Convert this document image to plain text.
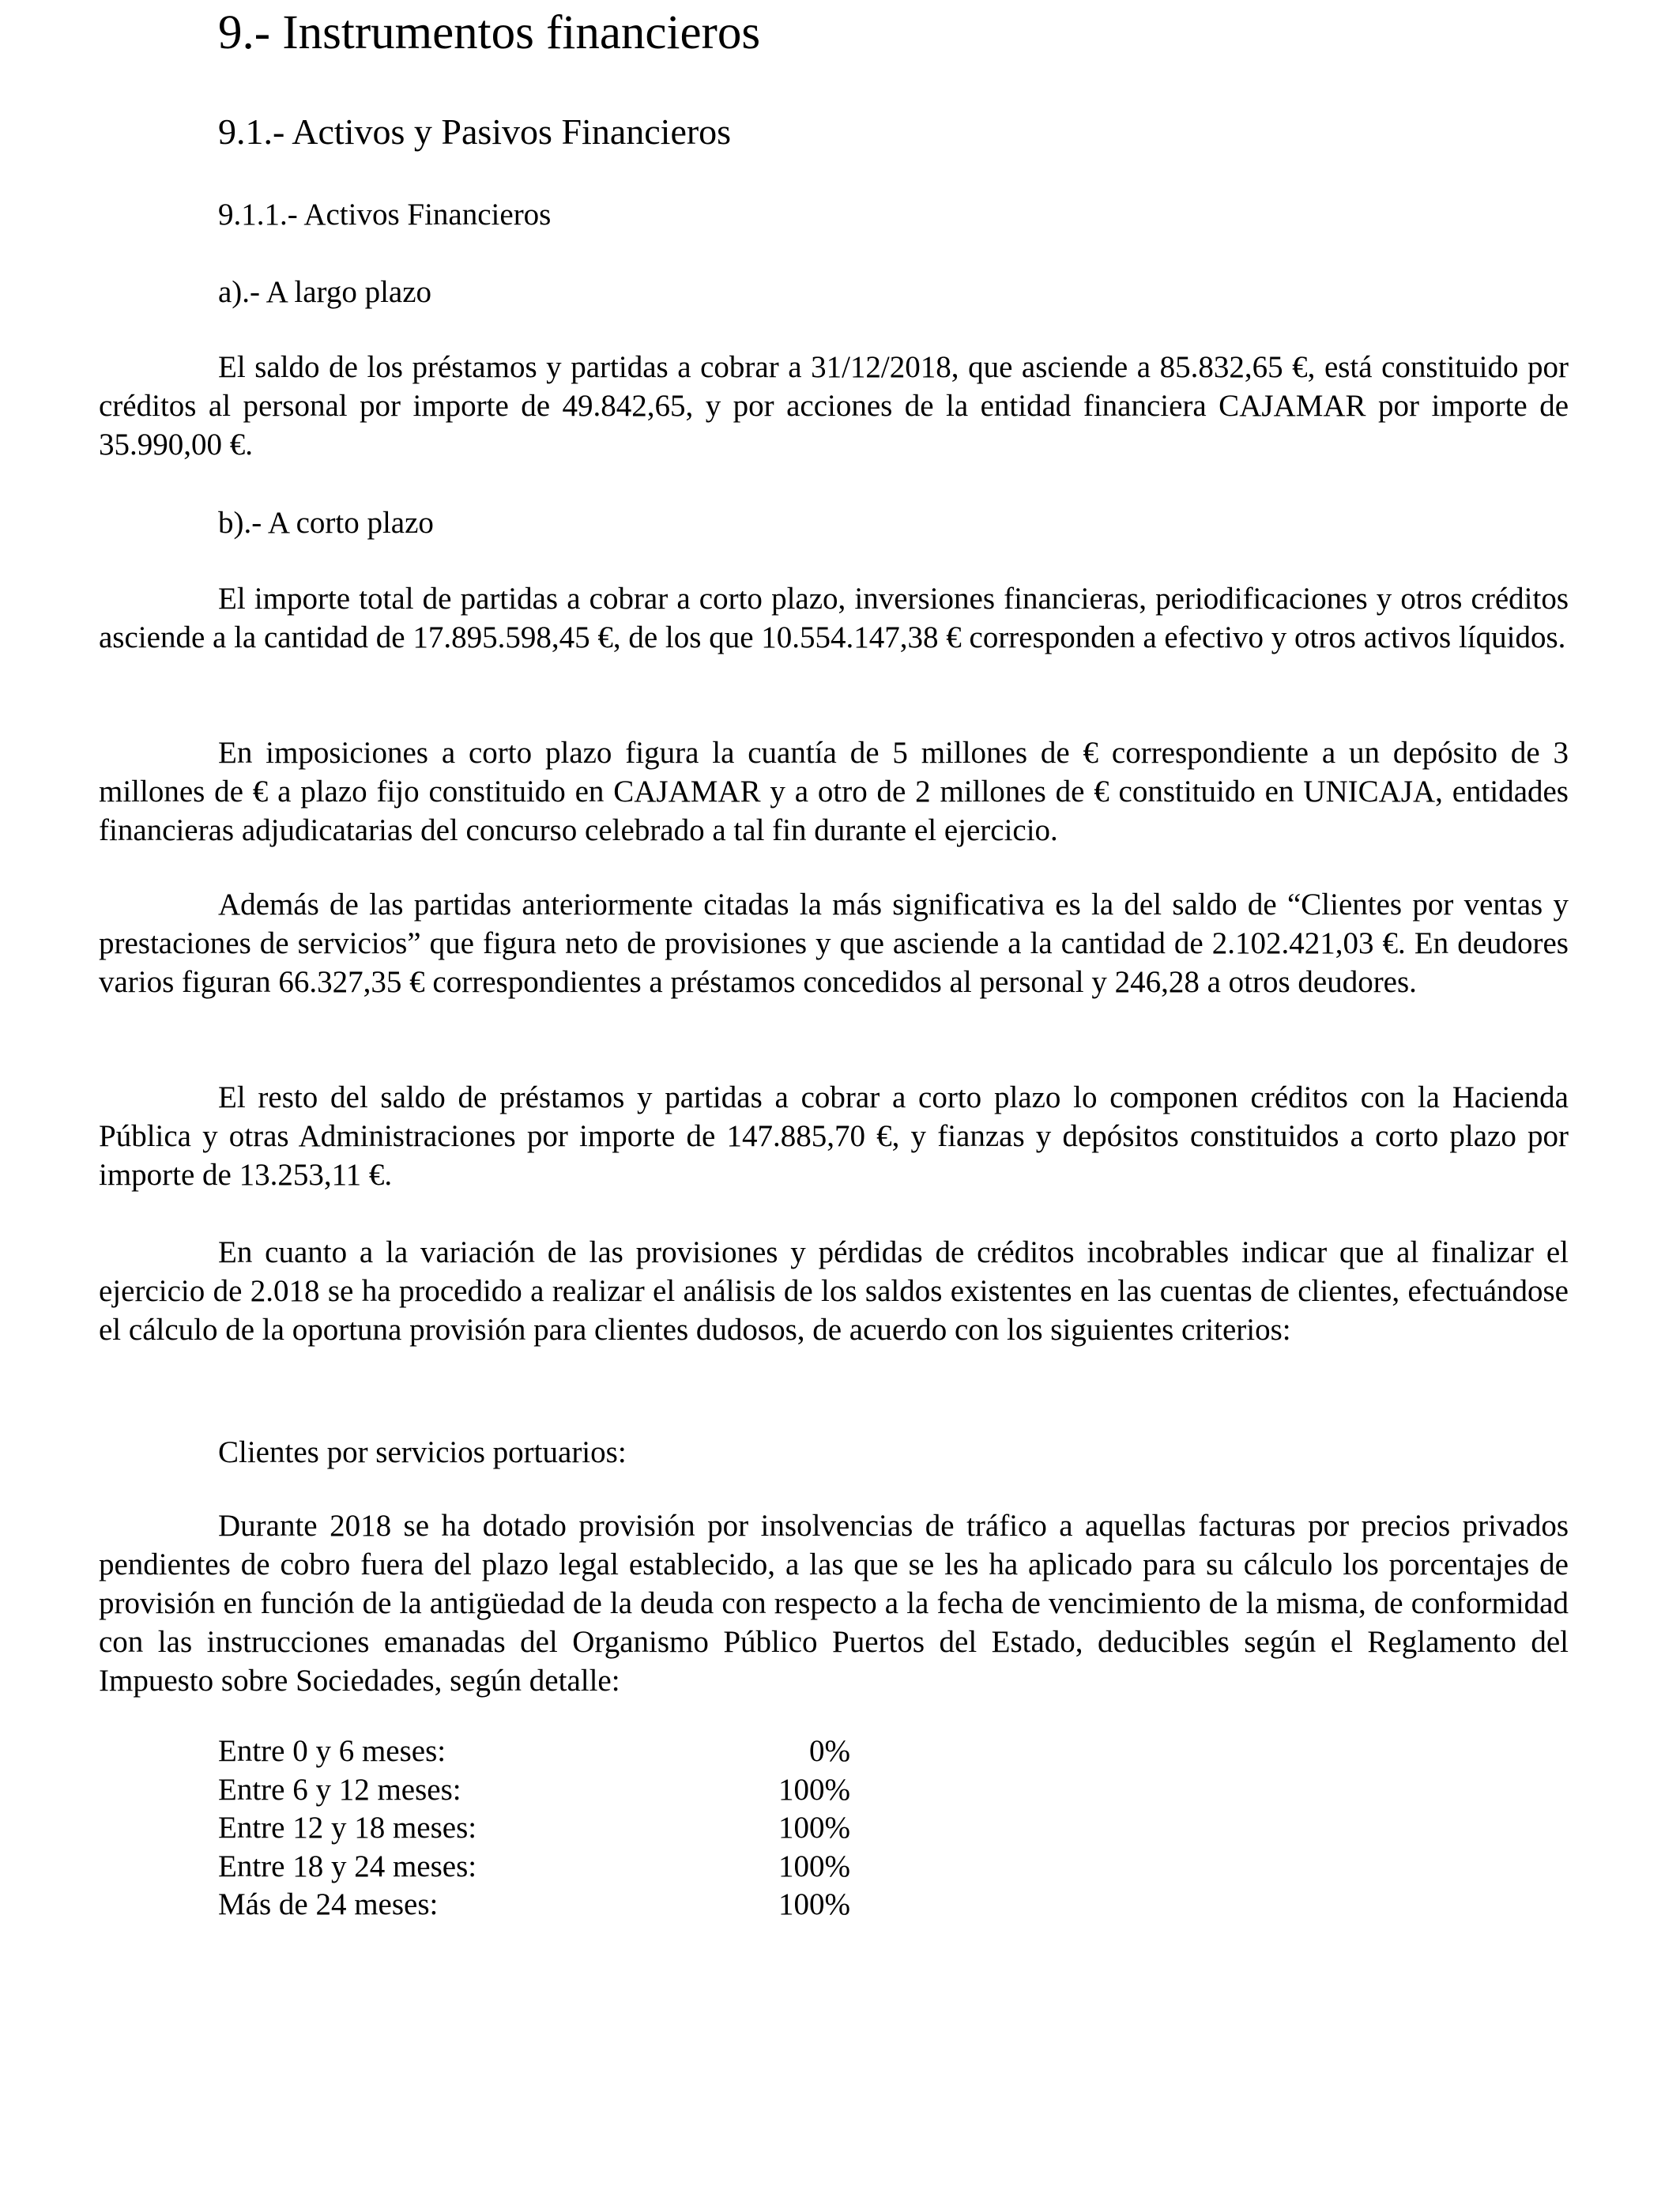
9.- Instrumentos financieros
9.1.- Activos y Pasivos Financieros
9.1.1.- Activos Financieros
a).- A largo plazo

El saldo de los préstamos y partidas a cobrar a 31/12/2018, que asciende a 85.832,65 €, está constituido por créditos al personal por importe de 49.842,65, y por acciones de la entidad financiera CAJAMAR por importe de 35.990,00 €.

b).- A corto plazo

El importe total de partidas a cobrar a corto plazo, inversiones financieras, periodificaciones y otros créditos asciende a la cantidad de 17.895.598,45 €, de los que 10.554.147,38 € corresponden a efectivo y otros activos líquidos.

En imposiciones a corto plazo figura la cuantía de 5 millones de € correspondiente a un depósito de 3 millones de € a plazo fijo constituido en CAJAMAR y a otro de 2 millones de € constituido en UNICAJA, entidades financieras adjudicatarias del concurso celebrado a tal fin durante el ejercicio.

Además de las partidas anteriormente citadas la más significativa es la del saldo de “Clientes por ventas y prestaciones de servicios” que figura neto de provisiones y que asciende a la cantidad de 2.102.421,03 €. En deudores varios figuran 66.327,35 € correspondientes a préstamos concedidos al personal y 246,28 a otros deudores.

El resto del saldo de préstamos y partidas a cobrar a corto plazo lo componen créditos con la Hacienda Pública y otras Administraciones por importe de 147.885,70 €, y fianzas y depósitos constituidos a corto plazo por importe de 13.253,11 €.

En cuanto a la variación de las provisiones y pérdidas de créditos incobrables indicar que al finalizar el ejercicio de 2.018 se ha procedido a realizar el análisis de los saldos existentes en las cuentas de clientes, efectuándose el cálculo de la oportuna provisión para clientes dudosos, de acuerdo con los siguientes criterios:

Clientes por servicios portuarios:

Durante 2018 se ha dotado provisión por insolvencias de tráfico a aquellas facturas por precios privados pendientes de cobro fuera del plazo legal establecido, a las que se les ha aplicado para su cálculo los porcentajes de provisión en función de la antigüedad de la deuda con respecto a la fecha de vencimiento de la misma, de conformidad con las instrucciones emanadas del Organismo Público Puertos del Estado, deducibles según el Reglamento del Impuesto sobre Sociedades, según detalle:

Entre 0 y 6 meses:	0%
Entre 6 y 12 meses:	100%
Entre 12 y 18 meses:	100%
Entre 18 y 24 meses:	100%
Más de 24 meses:	100%
